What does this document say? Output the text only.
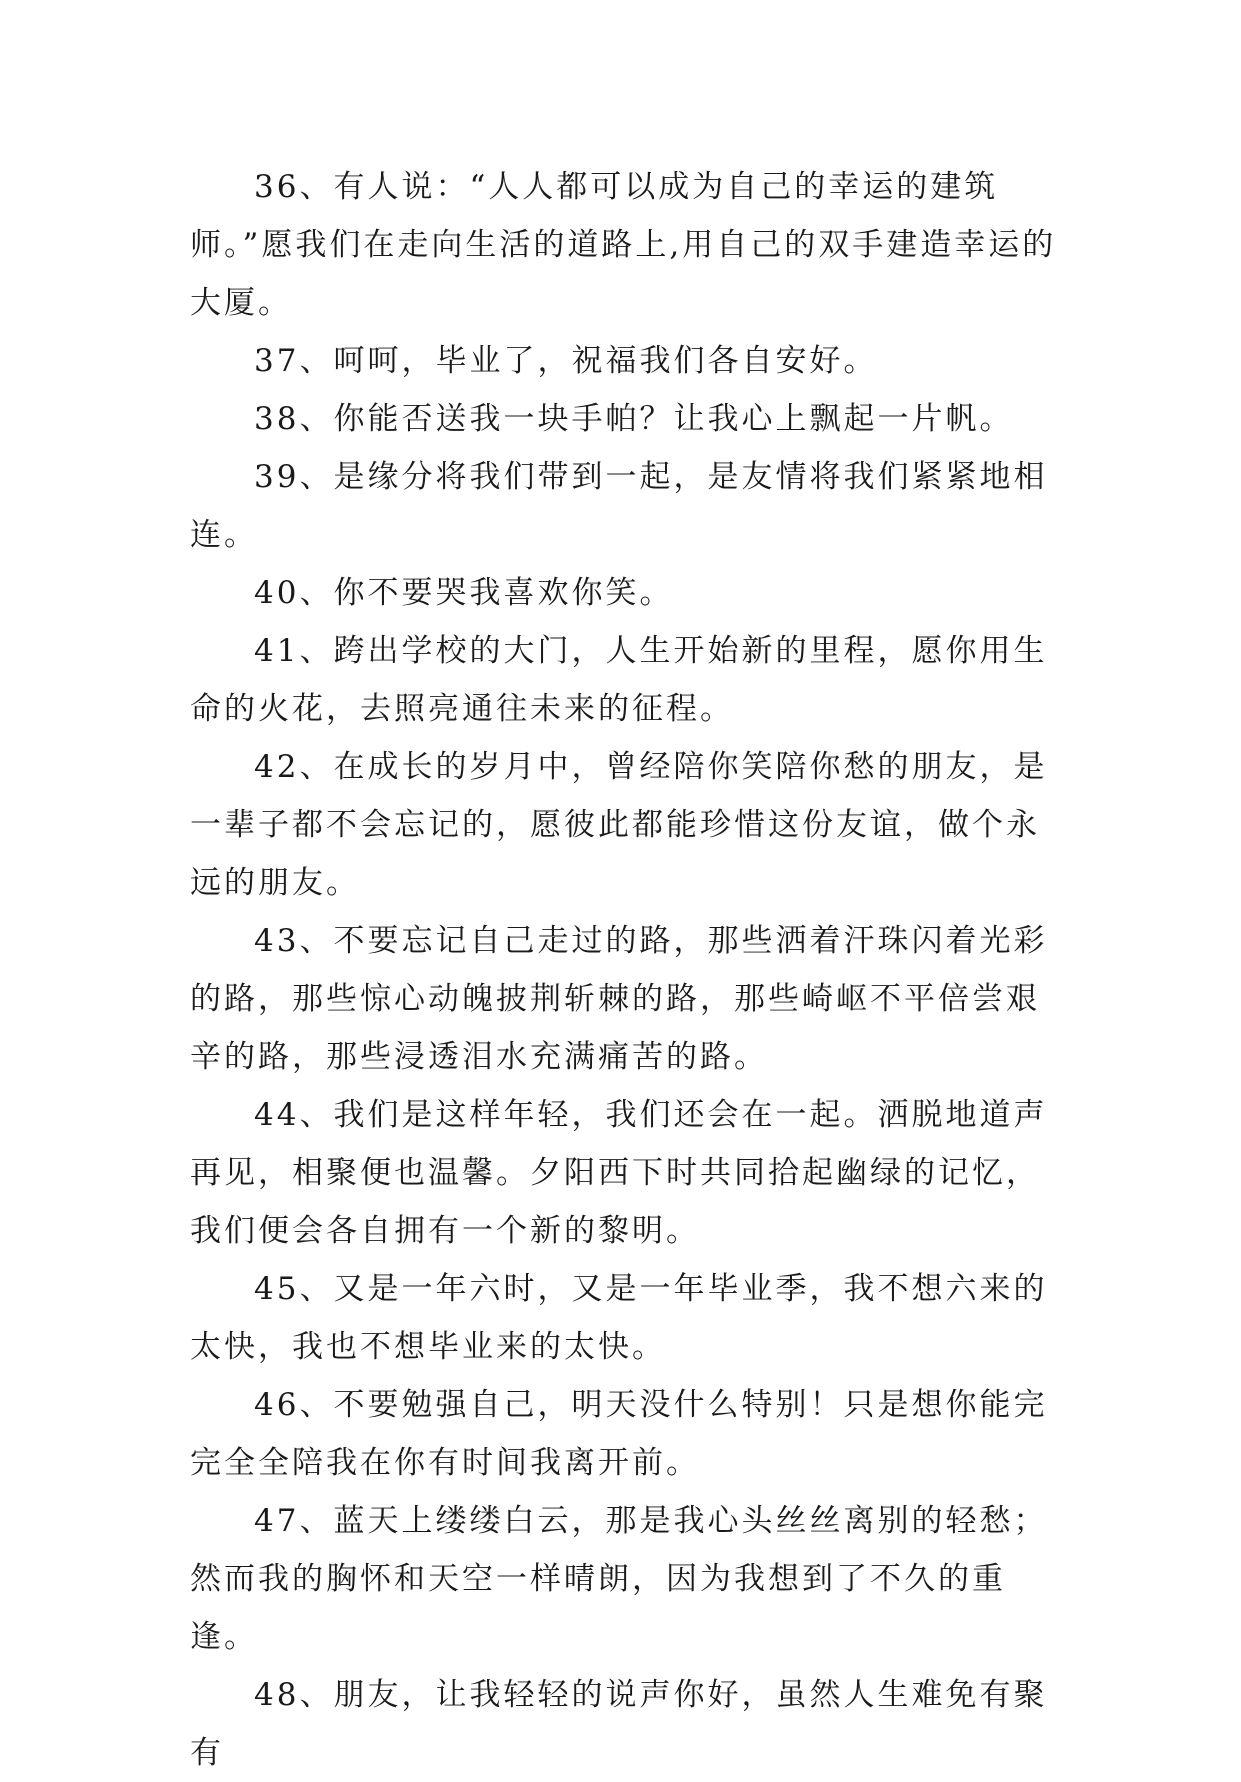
36、有人说：“人人都可以成为自己的幸运的建筑师。”愿我们在走向生活的道路上,用自己的双手建造幸运的大厦。

37、呵呵，毕业了，祝福我们各自安好。

38、你能否送我一块手帕？让我心上飘起一片帆。

39、是缘分将我们带到一起，是友情将我们紧紧地相连。

40、你不要哭我喜欢你笑。

41、跨出学校的大门，人生开始新的里程，愿你用生命的火花，去照亮通往未来的征程。

42、在成长的岁月中，曾经陪你笑陪你愁的朋友，是一辈子都不会忘记的，愿彼此都能珍惜这份友谊，做个永远的朋友。

43、不要忘记自己走过的路，那些洒着汗珠闪着光彩的路，那些惊心动魄披荆斩棘的路，那些崎岖不平倍尝艰辛的路，那些浸透泪水充满痛苦的路。

44、我们是这样年轻，我们还会在一起。洒脱地道声再见，相聚便也温馨。夕阳西下时共同拾起幽绿的记忆，我们便会各自拥有一个新的黎明。

45、又是一年六时，又是一年毕业季，我不想六来的太快，我也不想毕业来的太快。

46、不要勉强自己，明天没什么特别！只是想你能完完全全陪我在你有时间我离开前。

47、蓝天上缕缕白云，那是我心头丝丝离别的轻愁；然而我的胸怀和天空一样晴朗，因为我想到了不久的重逢。

48、朋友，让我轻轻的说声你好，虽然人生难免有聚有
